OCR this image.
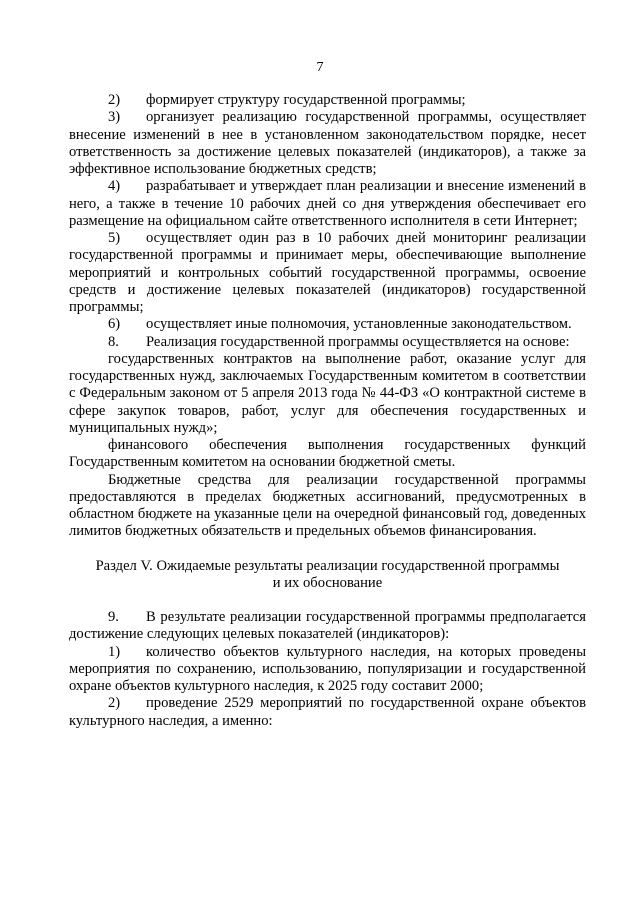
7

2) формирует структуру государственной программы;

3) организует реализацию государственной программы, осуществляет внесение изменений в нее в установленном законодательством порядке, несет ответственность за достижение целевых показателей (индикаторов), а также за эффективное использование бюджетных средств;

4) разрабатывает и утверждает план реализации и внесение изменений в него, а также в течение 10 рабочих дней со дня утверждения обеспечивает его размещение на официальном сайте ответственного исполнителя в сети Интернет;

5) осуществляет один раз в 10 рабочих дней мониторинг реализации государственной программы и принимает меры, обеспечивающие выполнение мероприятий и контрольных событий государственной программы, освоение средств и достижение целевых показателей (индикаторов) государственной программы;

6) осуществляет иные полномочия, установленные законодательством.

8. Реализация государственной программы осуществляется на основе:

государственных контрактов на выполнение работ, оказание услуг для государственных нужд, заключаемых Государственным комитетом в соответствии с Федеральным законом от 5 апреля 2013 года № 44-ФЗ «О контрактной системе в сфере закупок товаров, работ, услуг для обеспечения государственных и муниципальных нужд»;

финансового обеспечения выполнения государственных функций Государственным комитетом на основании бюджетной сметы.

Бюджетные средства для реализации государственной программы предоставляются в пределах бюджетных ассигнований, предусмотренных в областном бюджете на указанные цели на очередной финансовый год, доведенных лимитов бюджетных обязательств и предельных объемов финансирования.

Раздел V. Ожидаемые результаты реализации государственной программы

и их обоснование

9. В результате реализации государственной программы предполагается достижение следующих целевых показателей (индикаторов):

1) количество объектов культурного наследия, на которых проведены мероприятия по сохранению, использованию, популяризации и государственной охране объектов культурного наследия, к 2025 году составит 2000;

2) проведение 2529 мероприятий по государственной охране объектов культурного наследия, а именно:
